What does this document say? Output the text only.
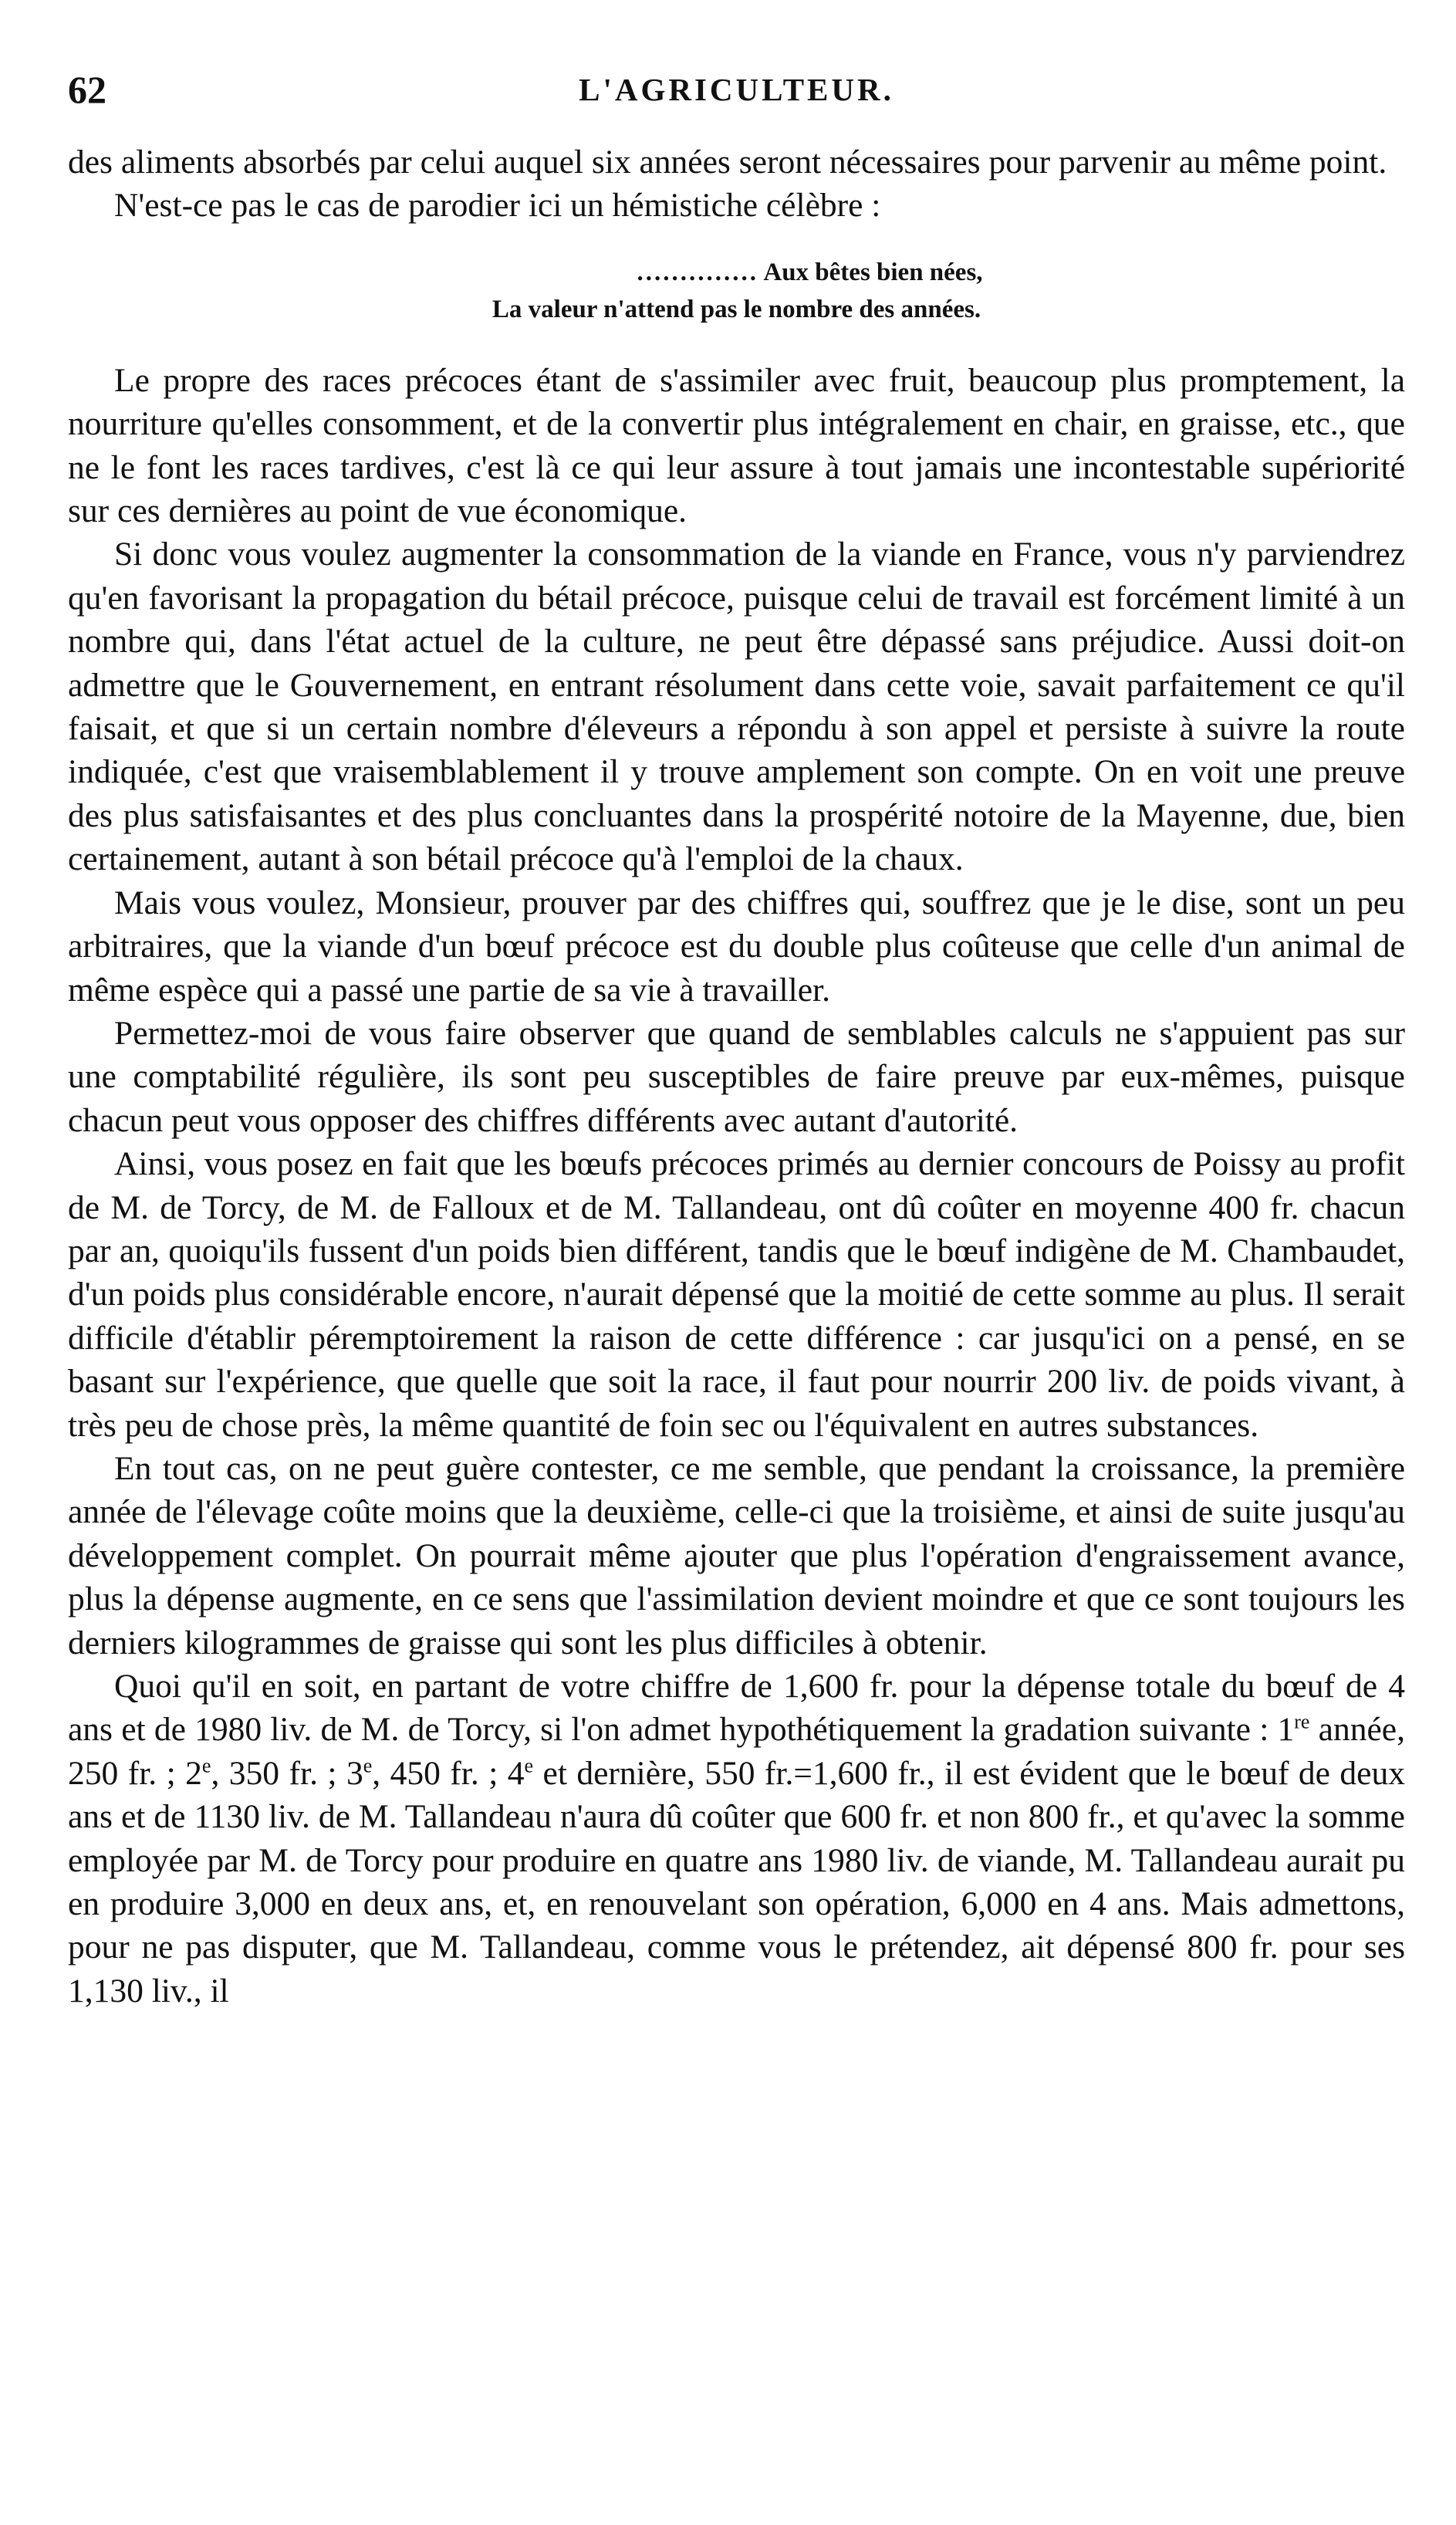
62	L'AGRICULTEUR.

des aliments absorbés par celui auquel six années seront nécessaires pour parvenir au même point.

N'est-ce pas le cas de parodier ici un hémistiche célèbre :

.............. Aux bêtes bien nées,
La valeur n'attend pas le nombre des années.

Le propre des races précoces étant de s'assimiler avec fruit, beaucoup plus promptement, la nourriture qu'elles consomment, et de la convertir plus intégralement en chair, en graisse, etc., que ne le font les races tardives, c'est là ce qui leur assure à tout jamais une incontestable supériorité sur ces dernières au point de vue économique.

Si donc vous voulez augmenter la consommation de la viande en France, vous n'y parviendrez qu'en favorisant la propagation du bétail précoce, puisque celui de travail est forcément limité à un nombre qui, dans l'état actuel de la culture, ne peut être dépassé sans préjudice. Aussi doit-on admettre que le Gouvernement, en entrant résolument dans cette voie, savait parfaitement ce qu'il faisait, et que si un certain nombre d'éleveurs a répondu à son appel et persiste à suivre la route indiquée, c'est que vraisemblablement il y trouve amplement son compte. On en voit une preuve des plus satisfaisantes et des plus concluantes dans la prospérité notoire de la Mayenne, due, bien certainement, autant à son bétail précoce qu'à l'emploi de la chaux.

Mais vous voulez, Monsieur, prouver par des chiffres qui, souffrez que je le dise, sont un peu arbitraires, que la viande d'un bœuf précoce est du double plus coûteuse que celle d'un animal de même espèce qui a passé une partie de sa vie à travailler.

Permettez-moi de vous faire observer que quand de semblables calculs ne s'appuient pas sur une comptabilité régulière, ils sont peu susceptibles de faire preuve par eux-mêmes, puisque chacun peut vous opposer des chiffres différents avec autant d'autorité.

Ainsi, vous posez en fait que les bœufs précoces primés au dernier concours de Poissy au profit de M. de Torcy, de M. de Falloux et de M. Tallandeau, ont dû coûter en moyenne 400 fr. chacun par an, quoiqu'ils fussent d'un poids bien différent, tandis que le bœuf indigène de M. Chambaudet, d'un poids plus considérable encore, n'aurait dépensé que la moitié de cette somme au plus. Il serait difficile d'établir péremptoirement la raison de cette différence : car jusqu'ici on a pensé, en se basant sur l'expérience, que quelle que soit la race, il faut pour nourrir 200 liv. de poids vivant, à très peu de chose près, la même quantité de foin sec ou l'équivalent en autres substances.

En tout cas, on ne peut guère contester, ce me semble, que pendant la croissance, la première année de l'élevage coûte moins que la deuxième, celle-ci que la troisième, et ainsi de suite jusqu'au développement complet. On pourrait même ajouter que plus l'opération d'engraissement avance, plus la dépense augmente, en ce sens que l'assimilation devient moindre et que ce sont toujours les derniers kilogrammes de graisse qui sont les plus difficiles à obtenir.

Quoi qu'il en soit, en partant de votre chiffre de 1,600 fr. pour la dépense totale du bœuf de 4 ans et de 1980 liv. de M. de Torcy, si l'on admet hypothétiquement la gradation suivante : 1re année, 250 fr. ; 2e, 350 fr. ; 3e, 450 fr. ; 4e et dernière, 550 fr.=1,600 fr., il est évident que le bœuf de deux ans et de 1130 liv. de M. Tallandeau n'aura dû coûter que 600 fr. et non 800 fr., et qu'avec la somme employée par M. de Torcy pour produire en quatre ans 1980 liv. de viande, M. Tallandeau aurait pu en produire 3,000 en deux ans, et, en renouvelant son opération, 6,000 en 4 ans. Mais admettons, pour ne pas disputer, que M. Tallandeau, comme vous le prétendez, ait dépensé 800 fr. pour ses 1,130 liv., il
